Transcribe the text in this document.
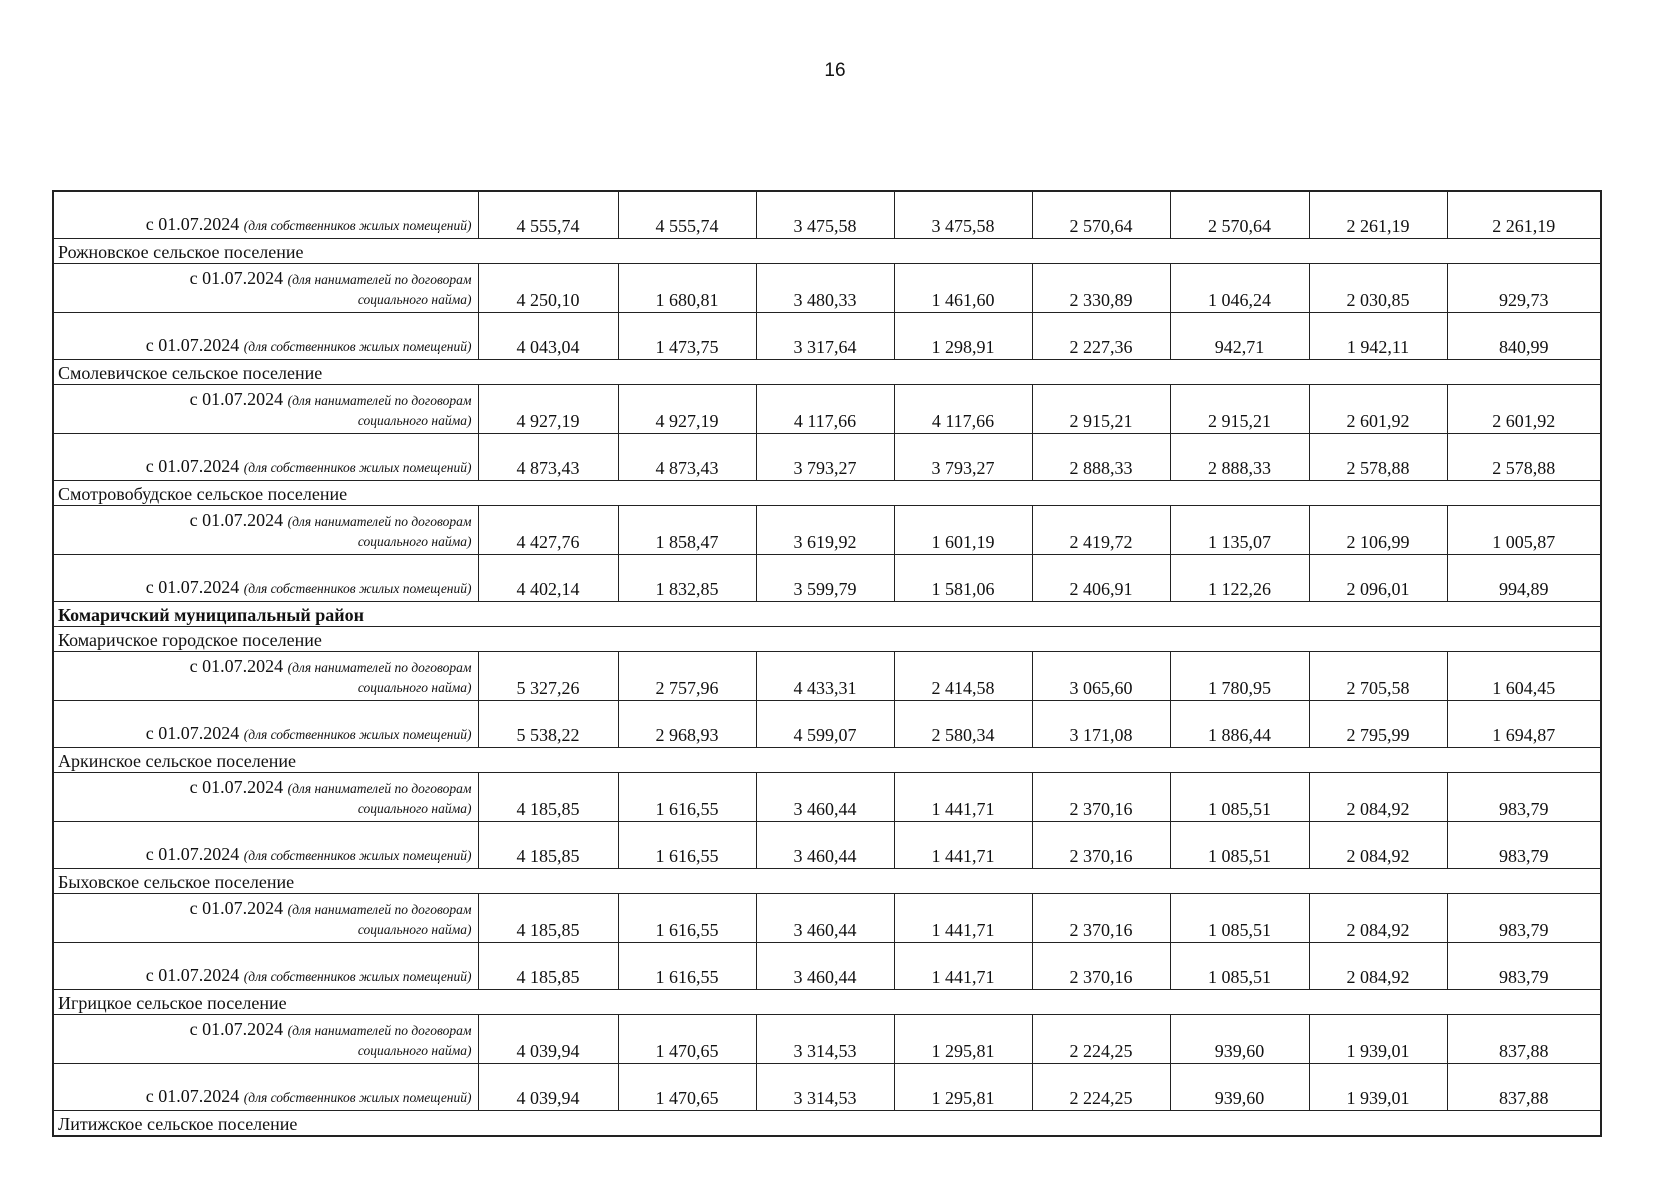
16
с 01.07.2024 (для собственников жилых помещений)	4 555,74	4 555,74	3 475,58	3 475,58	2 570,64	2 570,64	2 261,19	2 261,19
Рожновское сельское поселение								
с 01.07.2024 (для нанимателей по договорам
социального найма)	4 250,10	1 680,81	3 480,33	1 461,60	2 330,89	1 046,24	2 030,85	929,73
с 01.07.2024 (для собственников жилых помещений)	4 043,04	1 473,75	3 317,64	1 298,91	2 227,36	942,71	1 942,11	840,99
Смолевичское сельское поселение								
с 01.07.2024 (для нанимателей по договорам
социального найма)	4 927,19	4 927,19	4 117,66	4 117,66	2 915,21	2 915,21	2 601,92	2 601,92
с 01.07.2024 (для собственников жилых помещений)	4 873,43	4 873,43	3 793,27	3 793,27	2 888,33	2 888,33	2 578,88	2 578,88
Смотровобудское сельское поселение								
с 01.07.2024 (для нанимателей по договорам
социального найма)	4 427,76	1 858,47	3 619,92	1 601,19	2 419,72	1 135,07	2 106,99	1 005,87
с 01.07.2024 (для собственников жилых помещений)	4 402,14	1 832,85	3 599,79	1 581,06	2 406,91	1 122,26	2 096,01	994,89
Комаричский муниципальный район								
Комаричское городское поселение								
с 01.07.2024 (для нанимателей по договорам
социального найма)	5 327,26	2 757,96	4 433,31	2 414,58	3 065,60	1 780,95	2 705,58	1 604,45
с 01.07.2024 (для собственников жилых помещений)	5 538,22	2 968,93	4 599,07	2 580,34	3 171,08	1 886,44	2 795,99	1 694,87
Аркинское сельское поселение								
с 01.07.2024 (для нанимателей по договорам
социального найма)	4 185,85	1 616,55	3 460,44	1 441,71	2 370,16	1 085,51	2 084,92	983,79
с 01.07.2024 (для собственников жилых помещений)	4 185,85	1 616,55	3 460,44	1 441,71	2 370,16	1 085,51	2 084,92	983,79
Быховское сельское поселение								
с 01.07.2024 (для нанимателей по договорам
социального найма)	4 185,85	1 616,55	3 460,44	1 441,71	2 370,16	1 085,51	2 084,92	983,79
с 01.07.2024 (для собственников жилых помещений)	4 185,85	1 616,55	3 460,44	1 441,71	2 370,16	1 085,51	2 084,92	983,79
Игрицкое сельское поселение								
с 01.07.2024 (для нанимателей по договорам
социального найма)	4 039,94	1 470,65	3 314,53	1 295,81	2 224,25	939,60	1 939,01	837,88
с 01.07.2024 (для собственников жилых помещений)	4 039,94	1 470,65	3 314,53	1 295,81	2 224,25	939,60	1 939,01	837,88
Литижское сельское поселение								
